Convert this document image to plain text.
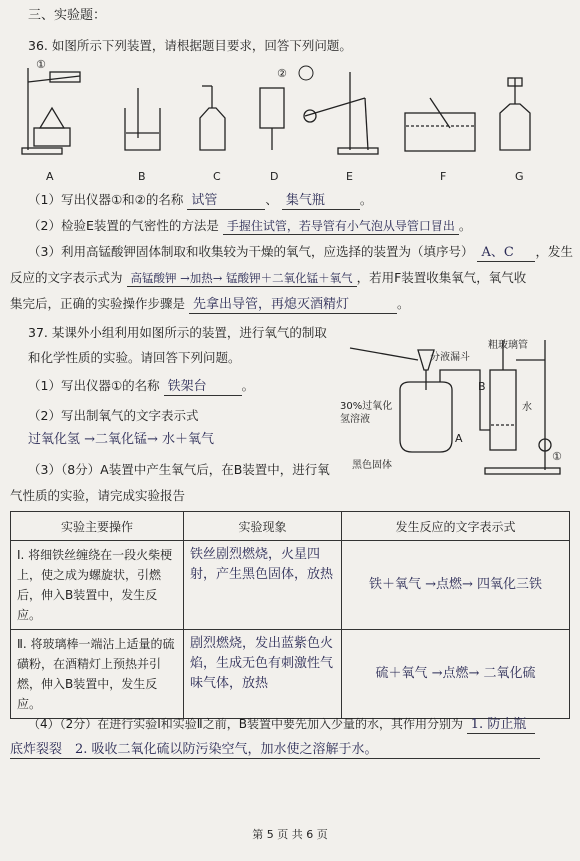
三、实验题：
36. 如图所示下列装置，请根据题目要求，回答下列问题。
②
①
A	B	C	D	E	F	G
（1）写出仪器①和②的名称 试管	、 集气瓶	。
（2）检验E装置的气密性的方法是 手握住试管，若导管有小气泡从导管口冒出 。
（3）利用高锰酸钾固体制取和收集较为干燥的氧气，应选择的装置为（填序号） A、C ，发生
反应的文字表示式为 高锰酸钾 →加热→ 锰酸钾＋二氧化锰＋氧气 ，若用F装置收集氧气，氧气收
集完后，正确的实验操作步骤是 先拿出导管，再熄灭酒精灯	。
37. 某课外小组利用如图所示的装置，进行氧气的制取
和化学性质的实验。请回答下列问题。
30%过氧化氢溶液
分液漏斗
粗玻璃管
A
B
水
黑色固体
①
（1）写出仪器①的名称 铁架台	。
（2）写出制氧气的文字表示式
过氧化氢 →二氧化锰→ 水＋氧气
（3）（8分）A装置中产生氧气后，在B装置中，进行氧
气性质的实验，请完成实验报告
实验主要操作	实验现象	发生反应的文字表示式
Ⅰ. 将细铁丝缠绕在一段火柴梗上，使之成为螺旋状，引燃后，伸入B装置中，发生反应。	铁丝剧烈燃烧，火星四射，产生黑色固体，放热	铁＋氧气 →点燃→ 四氧化三铁
Ⅱ. 将玻璃棒一端沾上适量的硫磺粉，在酒精灯上预热并引燃，伸入B装置中，发生反应。	剧烈燃烧，发出蓝紫色火焰，生成无色有刺激性气味气体，放热	硫＋氧气 →点燃→ 二氧化硫
（4）（2分）在进行实验Ⅰ和实验Ⅱ之前，B装置中要先加入少量的水，其作用分别为 1. 防止瓶
底炸裂裂　2. 吸收二氧化硫以防污染空气，加水使之溶解于水。
第 5 页 共 6 页
